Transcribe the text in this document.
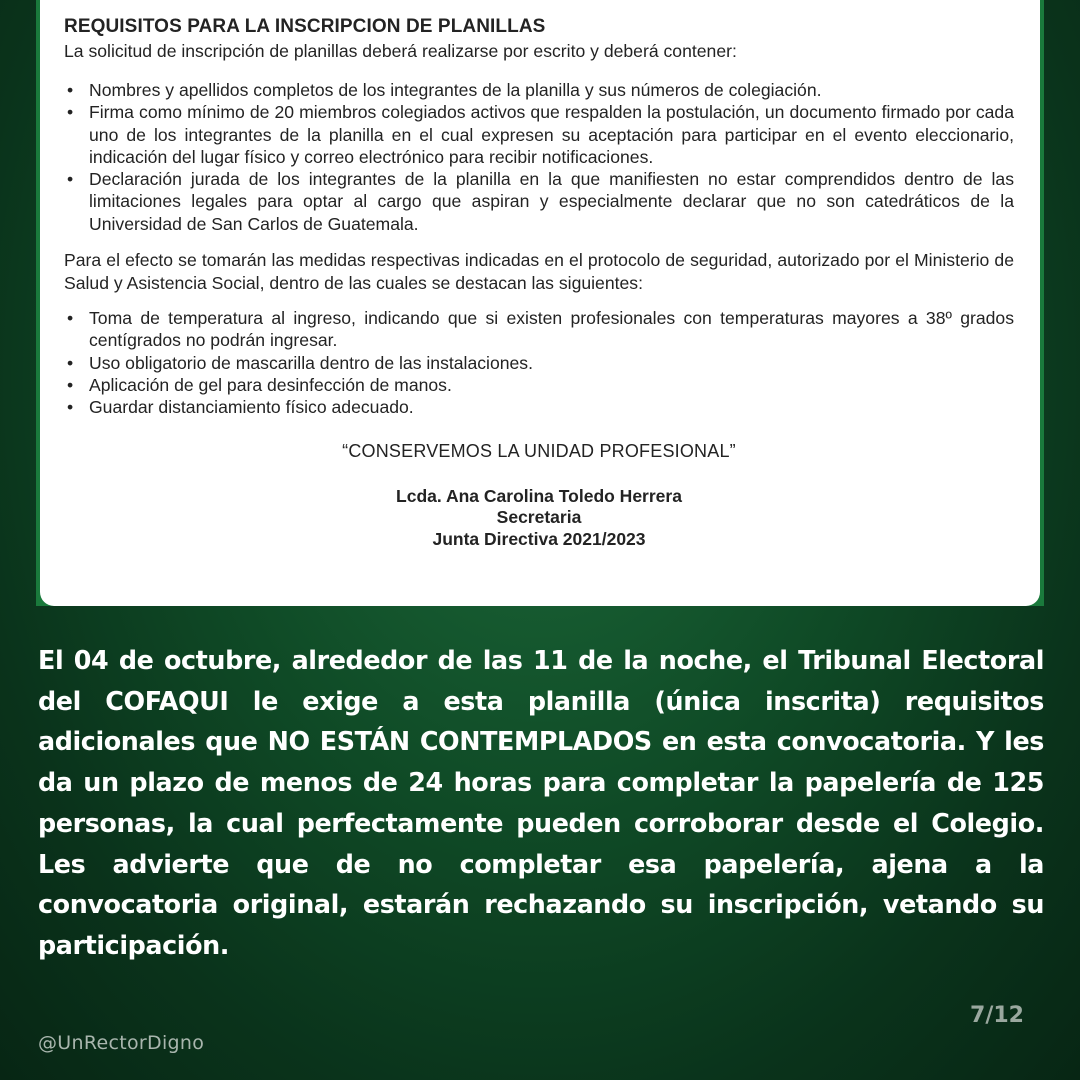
REQUISITOS PARA LA INSCRIPCION DE PLANILLAS

La solicitud de inscripción de planillas deberá realizarse por escrito y deberá contener:

• Nombres y apellidos completos de los integrantes de la planilla y sus números de colegiación.
• Firma como mínimo de 20 miembros colegiados activos que respalden la postulación, un documento firmado por cada uno de los integrantes de la planilla en el cual expresen su aceptación para participar en el evento eleccionario, indicación del lugar físico y correo electrónico para recibir notificaciones.
• Declaración jurada de los integrantes de la planilla en la que manifiesten no estar comprendidos dentro de las limitaciones legales para optar al cargo que aspiran y especialmente declarar que no son catedráticos de la Universidad de San Carlos de Guatemala.

Para el efecto se tomarán las medidas respectivas indicadas en el protocolo de seguridad, autorizado por el Ministerio de Salud y Asistencia Social, dentro de las cuales se destacan las siguientes:

• Toma de temperatura al ingreso, indicando que si existen profesionales con temperaturas mayores a 38º grados centígrados no podrán ingresar.
• Uso obligatorio de mascarilla dentro de las instalaciones.
• Aplicación de gel para desinfección de manos.
• Guardar distanciamiento físico adecuado.

“CONSERVEMOS LA UNIDAD PROFESIONAL”

Lcda. Ana Carolina Toledo Herrera

Secretaria

Junta Directiva 2021/2023

El 04 de octubre, alrededor de las 11 de la noche, el Tribunal Electoral del COFAQUI le exige a esta planilla (única inscrita) requisitos adicionales que NO ESTÁN CONTEMPLADOS en esta convocatoria. Y les da un plazo de menos de 24 horas para completar la papelería de 125 personas, la cual perfectamente pueden corroborar desde el Colegio. Les advierte que de no completar esa papelería, ajena a la convocatoria original, estarán rechazando su inscripción, vetando su participación.

7/12
@UnRectorDigno
